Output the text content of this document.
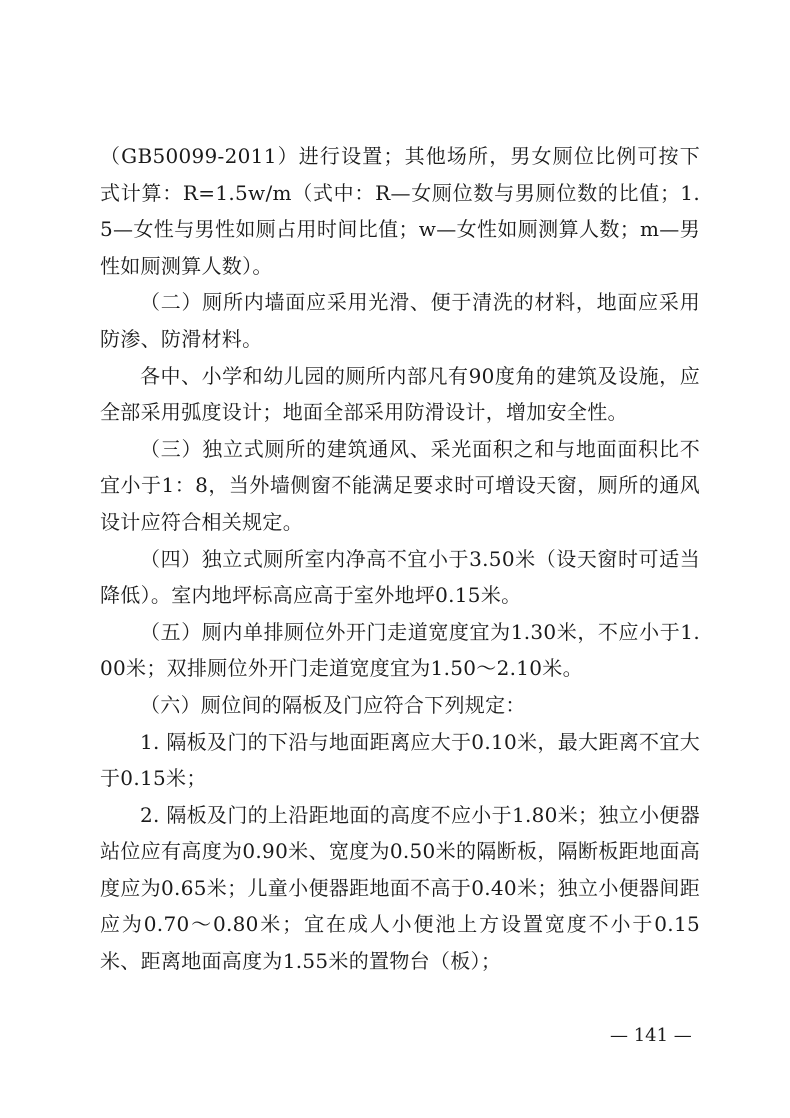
（GB50099-2011）进行设置；其他场所，男女厕位比例可按下式计算：R=1.5w/m（式中：R—女厕位数与男厕位数的比值；1.5—女性与男性如厕占用时间比值；w—女性如厕测算人数；m—男性如厕测算人数）。

（二）厕所内墙面应采用光滑、便于清洗的材料，地面应采用防渗、防滑材料。

各中、小学和幼儿园的厕所内部凡有90度角的建筑及设施，应全部采用弧度设计；地面全部采用防滑设计，增加安全性。

（三）独立式厕所的建筑通风、采光面积之和与地面面积比不宜小于1：8，当外墙侧窗不能满足要求时可增设天窗，厕所的通风设计应符合相关规定。

（四）独立式厕所室内净高不宜小于3.50米（设天窗时可适当降低）。室内地坪标高应高于室外地坪0.15米。

（五）厕内单排厕位外开门走道宽度宜为1.30米，不应小于1.00米；双排厕位外开门走道宽度宜为1.50～2.10米。

（六）厕位间的隔板及门应符合下列规定：

1. 隔板及门的下沿与地面距离应大于0.10米，最大距离不宜大于0.15米；

2. 隔板及门的上沿距地面的高度不应小于1.80米；独立小便器站位应有高度为0.90米、宽度为0.50米的隔断板，隔断板距地面高度应为0.65米；儿童小便器距地面不高于0.40米；独立小便器间距应为0.70～0.80米；宜在成人小便池上方设置宽度不小于0.15米、距离地面高度为1.55米的置物台（板）；

— 141 —
